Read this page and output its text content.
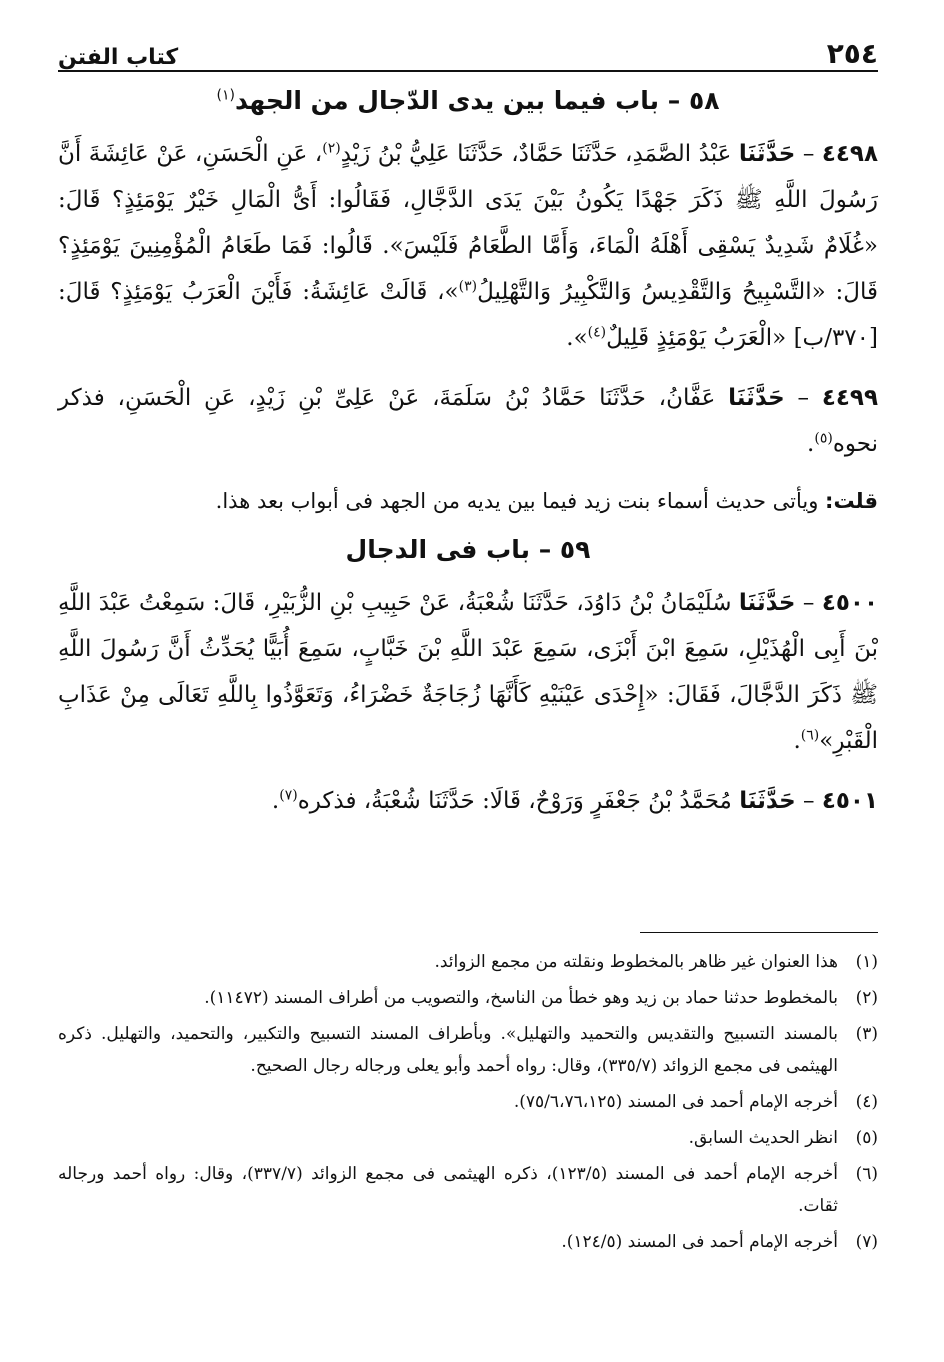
٢٥٤
كتاب الفتن
٥٨ – باب فيما بين يدى الدّجال من الجهد$^{(١)}$

٤٤٩٨ – حَدَّثَنَا عَبْدُ الصَّمَدِ، حَدَّثَنَا حَمَّادٌ، حَدَّثَنَا عَلِيُّ بْنُ زَيْدٍ$^{(٢)}$، عَنِ الْحَسَنِ، عَنْ عَائِشَةَ أَنَّ رَسُولَ اللَّهِ ﷺ ذَكَرَ جَهْدًا يَكُونُ بَيْنَ يَدَى الدَّجَّالِ، فَقَالُوا: أَىُّ الْمَالِ خَيْرٌ يَوْمَئِذٍ؟ قَالَ: «غُلَامٌ شَدِيدٌ يَسْقِى أَهْلَهُ الْمَاءَ، وَأَمَّا الطَّعَامُ فَلَيْسَ». قَالُوا: فَمَا طَعَامُ الْمُؤْمِنِينَ يَوْمَئِذٍ؟ قَالَ: «التَّسْبِيحُ وَالتَّقْدِيسُ وَالتَّكْبِيرُ وَالتَّهْلِيلُ$^{(٣)}$»، قَالَتْ عَائِشَةُ: فَأَيْنَ الْعَرَبُ يَوْمَئِذٍ؟ قَالَ: [٣٧٠/ب] «الْعَرَبُ يَوْمَئِذٍ قَلِيلٌ$^{(٤)}$».

٤٤٩٩ – حَدَّثَنَا عَفَّانُ، حَدَّثَنَا حَمَّادُ بْنُ سَلَمَةَ، عَنْ عَلِىِّ بْنِ زَيْدٍ، عَنِ الْحَسَنِ، فذكر نحوه$^{(٥)}$.

قلت: ويأتى حديث أسماء بنت زيد فيما بين يديه من الجهد فى أبواب بعد هذا.

٥٩ – باب فى الدجال

٤٥٠٠ – حَدَّثَنَا سُلَيْمَانُ بْنُ دَاوُدَ، حَدَّثَنَا شُعْبَةُ، عَنْ حَبِيبِ بْنِ الزُّبَيْرِ، قَالَ: سَمِعْتُ عَبْدَ اللَّهِ بْنَ أَبِى الْهُذَيْلِ، سَمِعَ ابْنَ أَبْزَى، سَمِعَ عَبْدَ اللَّهِ بْنَ خَبَّابٍ، سَمِعَ أُبَيًّا يُحَدِّثُ أَنَّ رَسُولَ اللَّهِ ﷺ ذَكَرَ الدَّجَّالَ، فَقَالَ: «إِحْدَى عَيْنَيْهِ كَأَنَّهَا زُجَاجَةٌ خَضْرَاءُ، وَتَعَوَّذُوا بِاللَّهِ تَعَالَى مِنْ عَذَابِ الْقَبْرِ»$^{(٦)}$.

٤٥٠١ – حَدَّثَنَا مُحَمَّدُ بْنُ جَعْفَرٍ وَرَوْحٌ، قَالَا: حَدَّثَنَا شُعْبَةُ، فذكره$^{(٧)}$.

(١)هذا العنوان غير ظاهر بالمخطوط ونقلته من مجمع الزوائد.

(٢)بالمخطوط حدثنا حماد بن زيد وهو خطأ من الناسخ، والتصويب من أطراف المسند (١١٤٧٢).

(٣)بالمسند التسبيح والتقديس والتحميد والتهليل». وبأطراف المسند التسبيح والتكبير، والتحميد، والتهليل. ذكره الهيثمى فى مجمع الزوائد (٣٣٥/٧)، وقال: رواه أحمد وأبو يعلى ورجاله رجال الصحيح.

(٤)أخرجه الإمام أحمد فى المسند (٧٥/٦،٧٦،١٢٥).

(٥)انظر الحديث السابق.

(٦)أخرجه الإمام أحمد فى المسند (١٢٣/٥)، ذكره الهيثمى فى مجمع الزوائد (٣٣٧/٧)، وقال: رواه أحمد ورجاله ثقات.

(٧)أخرجه الإمام أحمد فى المسند (١٢٤/٥).
